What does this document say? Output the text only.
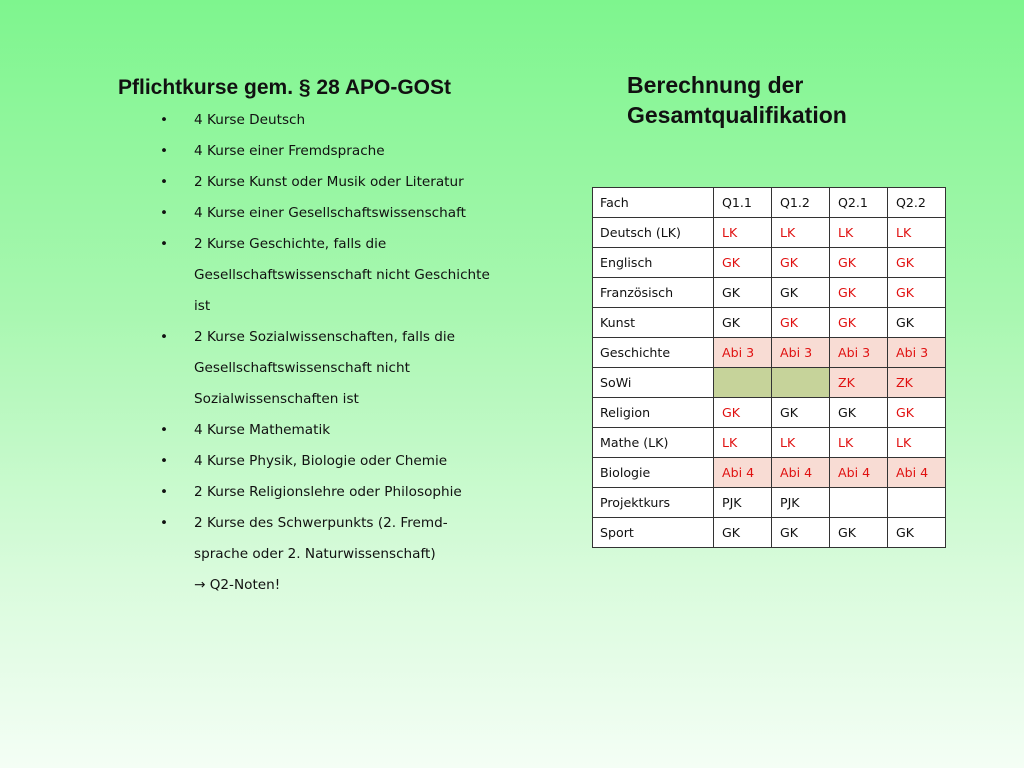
Pflichtkurse gem. § 28 APO-GOSt
• 4 Kurse Deutsch
• 4 Kurse einer Fremdsprache
• 2 Kurse Kunst oder Musik oder Literatur
• 4 Kurse einer Gesellschaftswissenschaft
• 2 Kurse Geschichte, falls die Gesellschaftswissenschaft nicht Geschichte ist
• 2 Kurse Sozialwissenschaften, falls die Gesellschaftswissenschaft nicht Sozialwissenschaften ist
• 4 Kurse Mathematik
• 4 Kurse Physik, Biologie oder Chemie
• 2 Kurse Religionslehre oder Philosophie
• 2 Kurse des Schwerpunkts (2. Fremd-sprache oder 2. Naturwissenschaft)
→ Q2-Noten!
Berechnung der Gesamtqualifikation
Fach	Q1.1	Q1.2	Q2.1	Q2.2
Deutsch (LK)	LK	LK	LK	LK
Englisch	GK	GK	GK	GK
Französisch	GK	GK	GK	GK
Kunst	GK	GK	GK	GK
Geschichte	Abi 3	Abi 3	Abi 3	Abi 3
SoWi			ZK	ZK
Religion	GK	GK	GK	GK
Mathe (LK)	LK	LK	LK	LK
Biologie	Abi 4	Abi 4	Abi 4	Abi 4
Projektkurs	PJK	PJK		
Sport	GK	GK	GK	GK
